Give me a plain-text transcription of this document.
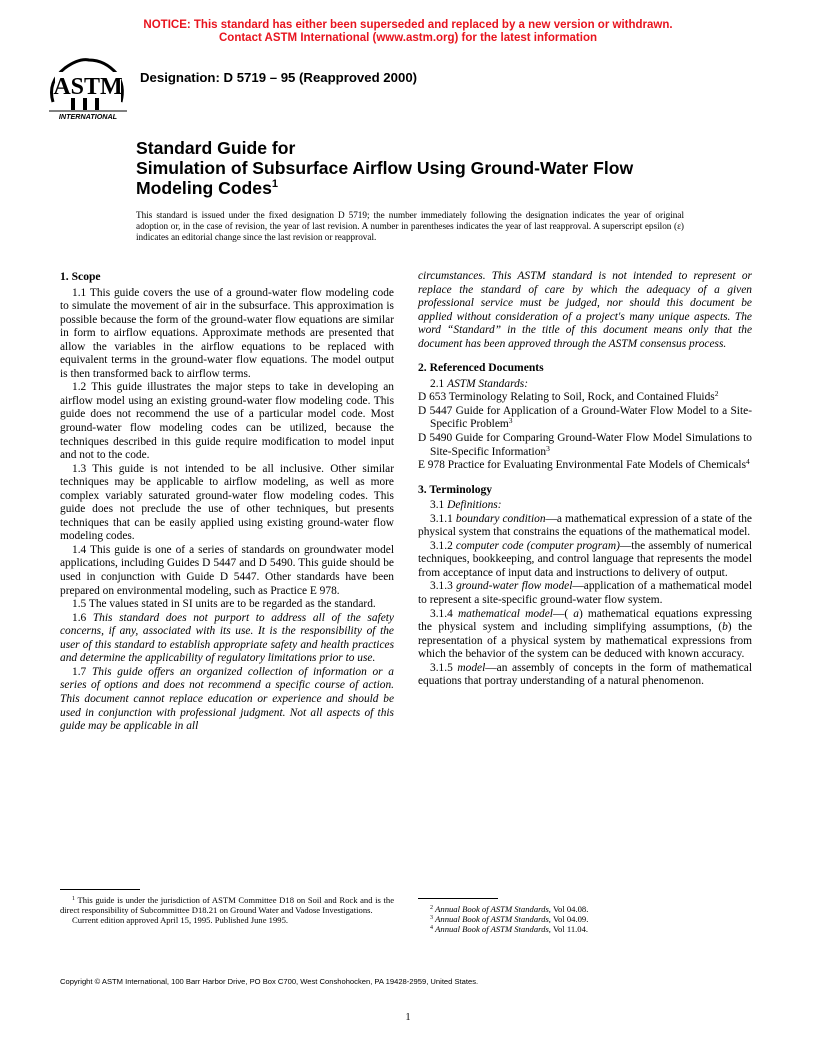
NOTICE: This standard has either been superseded and replaced by a new version or withdrawn.
Contact ASTM International (www.astm.org) for the latest information
ASTM
INTERNATIONAL
Designation: D 5719 – 95 (Reapproved 2000)
Standard Guide for
Simulation of Subsurface Airflow Using Ground-Water Flow
Modeling Codes$^1$
This standard is issued under the fixed designation D 5719; the number immediately following the designation indicates the year of original adoption or, in the case of revision, the year of last revision. A number in parentheses indicates the year of last reapproval. A superscript epsilon (ε) indicates an editorial change since the last revision or reapproval.
1. Scope

1.1 This guide covers the use of a ground-water flow modeling code to simulate the movement of air in the subsurface. This approximation is possible because the form of the ground-water flow equations are similar in form to airflow equations. Approximate methods are presented that allow the variables in the airflow equations to be replaced with equivalent terms in the ground-water flow equations. The model output is then transformed back to airflow terms.

1.2 This guide illustrates the major steps to take in developing an airflow model using an existing ground-water flow modeling code. This guide does not recommend the use of a particular model code. Most ground-water flow modeling codes can be utilized, because the techniques described in this guide require modification to model input and not to the code.

1.3 This guide is not intended to be all inclusive. Other similar techniques may be applicable to airflow modeling, as well as more complex variably saturated ground-water flow modeling codes. This guide does not preclude the use of other techniques, but presents techniques that can be easily applied using existing ground-water flow modeling codes.

1.4 This guide is one of a series of standards on groundwater model applications, including Guides D 5447 and D 5490. This guide should be used in conjunction with Guide D 5447. Other standards have been prepared on environmental modeling, such as Practice E 978.

1.5 The values stated in SI units are to be regarded as the standard.

1.6 This standard does not purport to address all of the safety concerns, if any, associated with its use. It is the responsibility of the user of this standard to establish appropriate safety and health practices and determine the applicability of regulatory limitations prior to use.

1.7 This guide offers an organized collection of information or a series of options and does not recommend a specific course of action. This document cannot replace education or experience and should be used in conjunction with professional judgment. Not all aspects of this guide may be applicable in all

circumstances. This ASTM standard is not intended to represent or replace the standard of care by which the adequacy of a given professional service must be judged, nor should this document be applied without consideration of a project's many unique aspects. The word “Standard” in the title of this document means only that the document has been approved through the ASTM consensus process.

2. Referenced Documents

2.1 ASTM Standards:

D 653 Terminology Relating to Soil, Rock, and Contained Fluids$^2$

D 5447 Guide for Application of a Ground-Water Flow Model to a Site-Specific Problem$^3$

D 5490 Guide for Comparing Ground-Water Flow Model Simulations to Site-Specific Information$^3$

E 978 Practice for Evaluating Environmental Fate Models of Chemicals$^4$

3. Terminology

3.1 Definitions:

3.1.1 boundary condition—a mathematical expression of a state of the physical system that constrains the equations of the mathematical model.

3.1.2 computer code (computer program)—the assembly of numerical techniques, bookkeeping, and control language that represents the model from acceptance of input data and instructions to delivery of output.

3.1.3 ground-water flow model—application of a mathematical model to represent a site-specific ground-water flow system.

3.1.4 mathematical model—( a) mathematical equations expressing the physical system and including simplifying assumptions, (b) the representation of a physical system by mathematical expressions from which the behavior of the system can be deduced with known accuracy.

3.1.5 model—an assembly of concepts in the form of mathematical equations that portray understanding of a natural phenomenon.

$^1$ This guide is under the jurisdiction of ASTM Committee D18 on Soil and Rock and is the direct responsibility of Subcommittee D18.21 on Ground Water and Vadose Investigations.

Current edition approved April 15, 1995. Published June 1995.

$^2$ Annual Book of ASTM Standards, Vol 04.08.

$^3$ Annual Book of ASTM Standards, Vol 04.09.

$^4$ Annual Book of ASTM Standards, Vol 11.04.

Copyright © ASTM International, 100 Barr Harbor Drive, PO Box C700, West Conshohocken, PA 19428-2959, United States.
1
